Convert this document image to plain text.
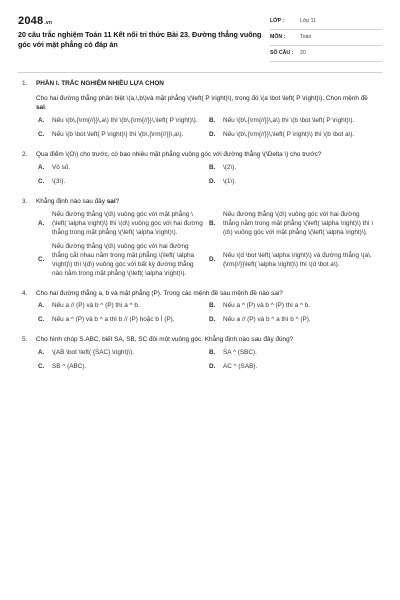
2048.vn
20 câu trắc nghiệm Toán 11 Kết nối tri thức Bài 23. Đường thẳng vuông góc với mặt phẳng có đáp án
LỚP :	Lớp 11
MÔN :	Toán
SỐ CÂU :	20
1.	PHẦN I. TRẮC NGHIỆM NHIỀU LỰA CHỌN
Cho hai đường thẳng phân biệt \(a,\,b\)và mặt phẳng \(\left( P \right)\), trong đó \(a \bot \left( P \right)\). Chọn mệnh đề sai.
A.	Nếu \(b\,{\rm{//}}\,a\) thì \(b\,{\rm{//}}\,\left( P \right)\).	B.	Nếu \(b\,{\rm{//}}\,a\) thì \(b \bot \left( P \right)\).
C.	Nếu \(b \bot \left( P \right)\) thì \(b\,{\rm{//}}\,a\).	D.	Nếu \(b\,{\rm{//}}\,\left( P \right)\) thì \(b \bot a\).
2.	Qua điểm \(O\) cho trước, có bao nhiêu mặt phẳng vuông góc với đường thẳng \(\Delta \) cho trước?
A.	Vô số.	B.	\(2\).
C.	\(3\).	D.	\(1\).
3.	Khẳng định nào sau đây sai?
A.
Nếu đường thẳng \(d\) vuông góc với mặt phẳng \(\left( \alpha \right)\) thì \(d\) vuông góc với hai đường thẳng trong mặt phẳng \(\left( \alpha \right)\).
B.
Nếu đường thẳng \(d\) vuông góc với hai đường thẳng nằm trong mặt phẳng \(\left( \alpha \right)\) thì \(d\) vuông góc với mặt phẳng \(\left( \alpha \right)\).
C.
Nếu đường thẳng \(d\) vuông góc với hai đường thẳng cắt nhau nằm trong mặt phẳng \(\left( \alpha \right)\) thì \(d\) vuông góc với bất kỳ đường thẳng nào nằm trong mặt phẳng \(\left( \alpha \right)\).
D.
Nếu \(d \bot \left( \alpha \right)\) và đường thẳng \(a\,{\rm{//}}\left( \alpha \right)\) thì \(d \bot a\).
4.	Cho hai đường thẳng a, b và mặt phẳng (P). Trong các mệnh đề sau mệnh đề nào sai?
A.	Nếu a // (P) và b ^ (P) thì a ^ b.	B.	Nếu a ^ (P) và b ^ (P) thì a ^ b.
C.	Nếu a ^ (P) và b ^ a thì b // (P) hoặc b Ì (P).	D.	Nếu a // (P) và b ^ a thì b ^ (P).
5.	Cho hình chóp S.ABC, biết SA, SB, SC đôi một vuông góc. Khẳng định nào sau đây đúng?
A.	\(AB \bot \left( {SAC} \right)\).	B.	SA ^ (SBC).
C.	SB ^ (ABC).	D.	AC ^ (SAB).
